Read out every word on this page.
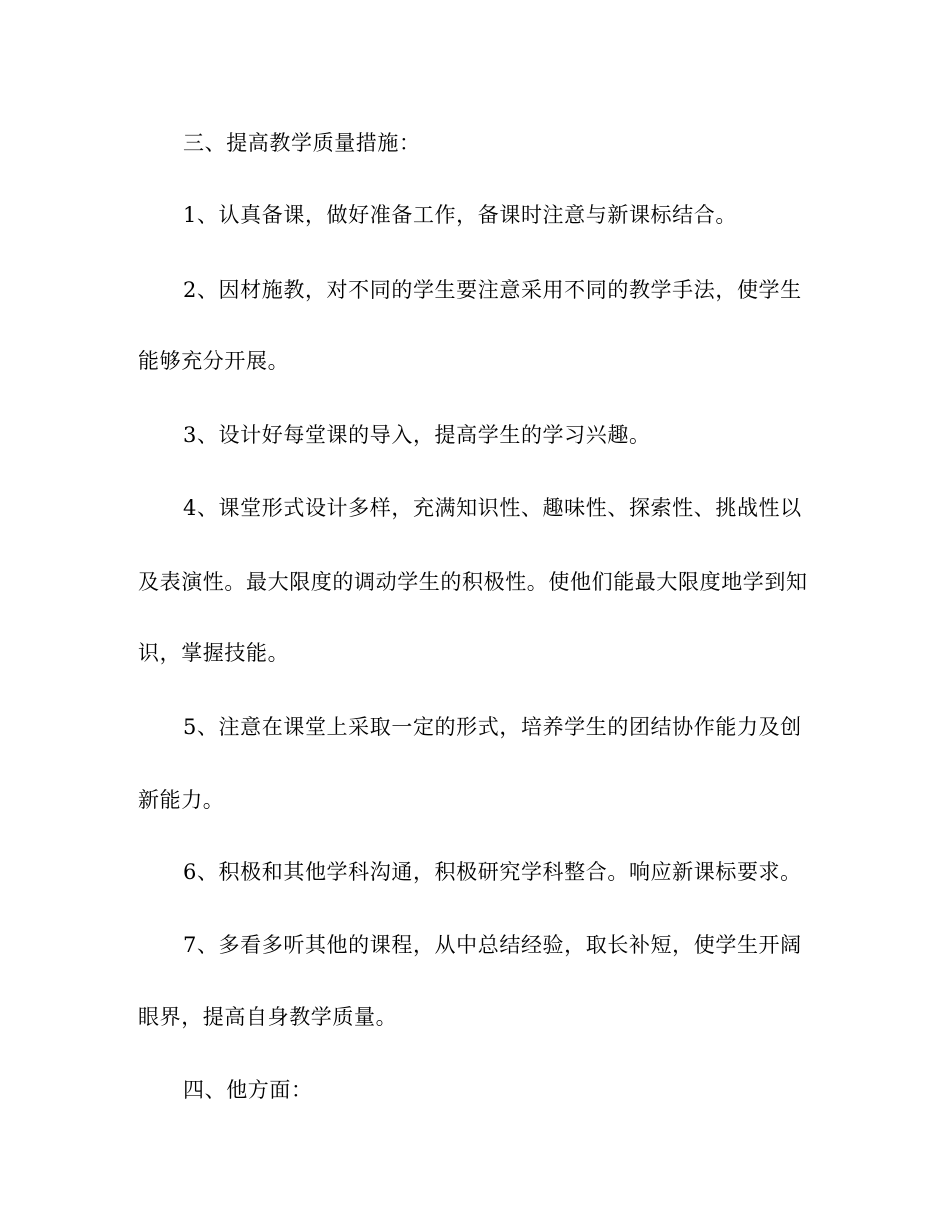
三、提高教学质量措施：
1、认真备课，做好准备工作，备课时注意与新课标结合。
2、因材施教，对不同的学生要注意采用不同的教学手法，使学生
能够充分开展。
3、设计好每堂课的导入，提高学生的学习兴趣。
4、课堂形式设计多样，充满知识性、趣味性、探索性、挑战性以
及表演性。最大限度的调动学生的积极性。使他们能最大限度地学到知
识，掌握技能。
5、注意在课堂上采取一定的形式，培养学生的团结协作能力及创
新能力。
6、积极和其他学科沟通，积极研究学科整合。响应新课标要求。
7、多看多听其他的课程，从中总结经验，取长补短，使学生开阔
眼界，提高自身教学质量。
四、他方面：
